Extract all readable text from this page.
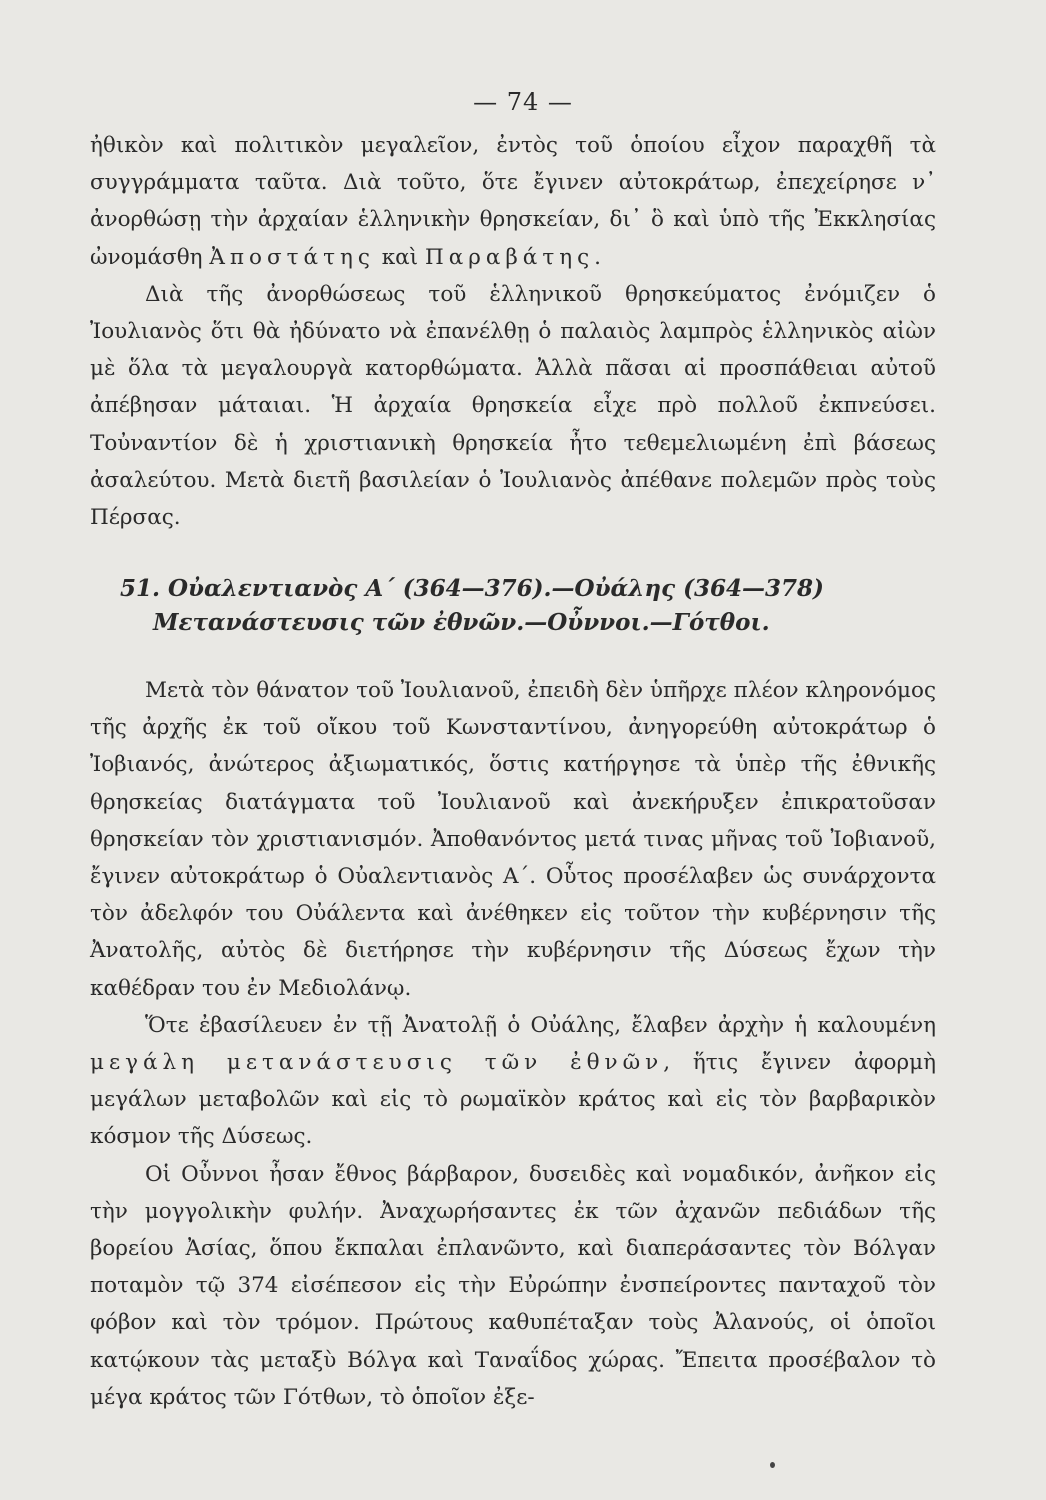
— 74 —

ἠθικὸν καὶ πολιτικὸν μεγαλεῖον, ἐντὸς τοῦ ὁποίου εἶχον παραχθῆ τὰ συγγράμματα ταῦτα. Διὰ τοῦτο, ὅτε ἔγινεν αὐτοκράτωρ, ἐπεχείρησε ν᾿ ἀνορθώσῃ τὴν ἀρχαίαν ἑλληνικὴν θρησκείαν, δι᾿ ὃ καὶ ὑπὸ τῆς Ἐκκλησίας ὠνομάσθη Ἀποστάτης καὶ Παραβάτης.

Διὰ τῆς ἀνορθώσεως τοῦ ἑλληνικοῦ θρησκεύματος ἐνόμιζεν ὁ Ἰουλιανὸς ὅτι θὰ ἠδύνατο νὰ ἐπανέλθῃ ὁ παλαιὸς λαμπρὸς ἑλληνικὸς αἰὼν μὲ ὅλα τὰ μεγαλουργὰ κατορθώματα. Ἀλλὰ πᾶσαι αἱ προσπάθειαι αὐτοῦ ἀπέβησαν μάταιαι. Ἡ ἀρχαία θρησκεία εἶχε πρὸ πολλοῦ ἐκπνεύσει. Τοὐναντίον δὲ ἡ χριστιανικὴ θρησκεία ἦτο τεθεμελιωμένη ἐπὶ βάσεως ἀσαλεύτου. Μετὰ διετῆ βασιλείαν ὁ Ἰουλιανὸς ἀπέθανε πολεμῶν πρὸς τοὺς Πέρσας.

51. Οὐαλεντιανὸς Α΄ (364—376).—Οὐάλης (364—378)
Μετανάστευσις τῶν ἐθνῶν.—Οὖννοι.—Γότθοι.

Μετὰ τὸν θάνατον τοῦ Ἰουλιανοῦ, ἐπειδὴ δὲν ὑπῆρχε πλέον κληρονόμος τῆς ἀρχῆς ἐκ τοῦ οἴκου τοῦ Κωνσταντίνου, ἀνηγορεύθη αὐτοκράτωρ ὁ Ἰοβιανός, ἀνώτερος ἀξιωματικός, ὅστις κατήργησε τὰ ὑπὲρ τῆς ἐθνικῆς θρησκείας διατάγματα τοῦ Ἰουλιανοῦ καὶ ἀνεκήρυξεν ἐπικρατοῦσαν θρησκείαν τὸν χριστιανισμόν. Ἀποθανόντος μετά τινας μῆνας τοῦ Ἰοβιανοῦ, ἔγινεν αὐτοκράτωρ ὁ Οὐαλεντιανὸς Α΄. Οὗτος προσέλαβεν ὡς συνάρχοντα τὸν ἀδελφόν του Οὐάλεντα καὶ ἀνέθηκεν εἰς τοῦτον τὴν κυβέρνησιν τῆς Ἀνατολῆς, αὐτὸς δὲ διετήρησε τὴν κυβέρνησιν τῆς Δύσεως ἔχων τὴν καθέδραν του ἐν Μεδιολάνῳ.

Ὅτε ἐβασίλευεν ἐν τῇ Ἀνατολῇ ὁ Οὐάλης, ἔλαβεν ἀρχὴν ἡ καλουμένη μεγάλη μετανάστευσις τῶν ἐθνῶν, ἥτις ἔγινεν ἀφορμὴ μεγάλων μεταβολῶν καὶ εἰς τὸ ρωμαϊκὸν κράτος καὶ εἰς τὸν βαρβαρικὸν κόσμον τῆς Δύσεως.

Οἱ Οὖννοι ἦσαν ἔθνος βάρβαρον, δυσειδὲς καὶ νομαδικόν, ἀνῆκον εἰς τὴν μογγολικὴν φυλήν. Ἀναχωρήσαντες ἐκ τῶν ἀχανῶν πεδιάδων τῆς βορείου Ἀσίας, ὅπου ἔκπαλαι ἐπλανῶντο, καὶ διαπεράσαντες τὸν Βόλγαν ποταμὸν τῷ 374 εἰσέπεσον εἰς τὴν Εὐρώπην ἐνσπείροντες πανταχοῦ τὸν φόβον καὶ τὸν τρόμον. Πρώτους καθυπέταξαν τοὺς Ἀλανούς, οἱ ὁποῖοι κατῴκουν τὰς μεταξὺ Βόλγα καὶ Ταναΐδος χώρας. Ἔπειτα προσέβαλον τὸ μέγα κράτος τῶν Γότθων, τὸ ὁποῖον ἐξε-
